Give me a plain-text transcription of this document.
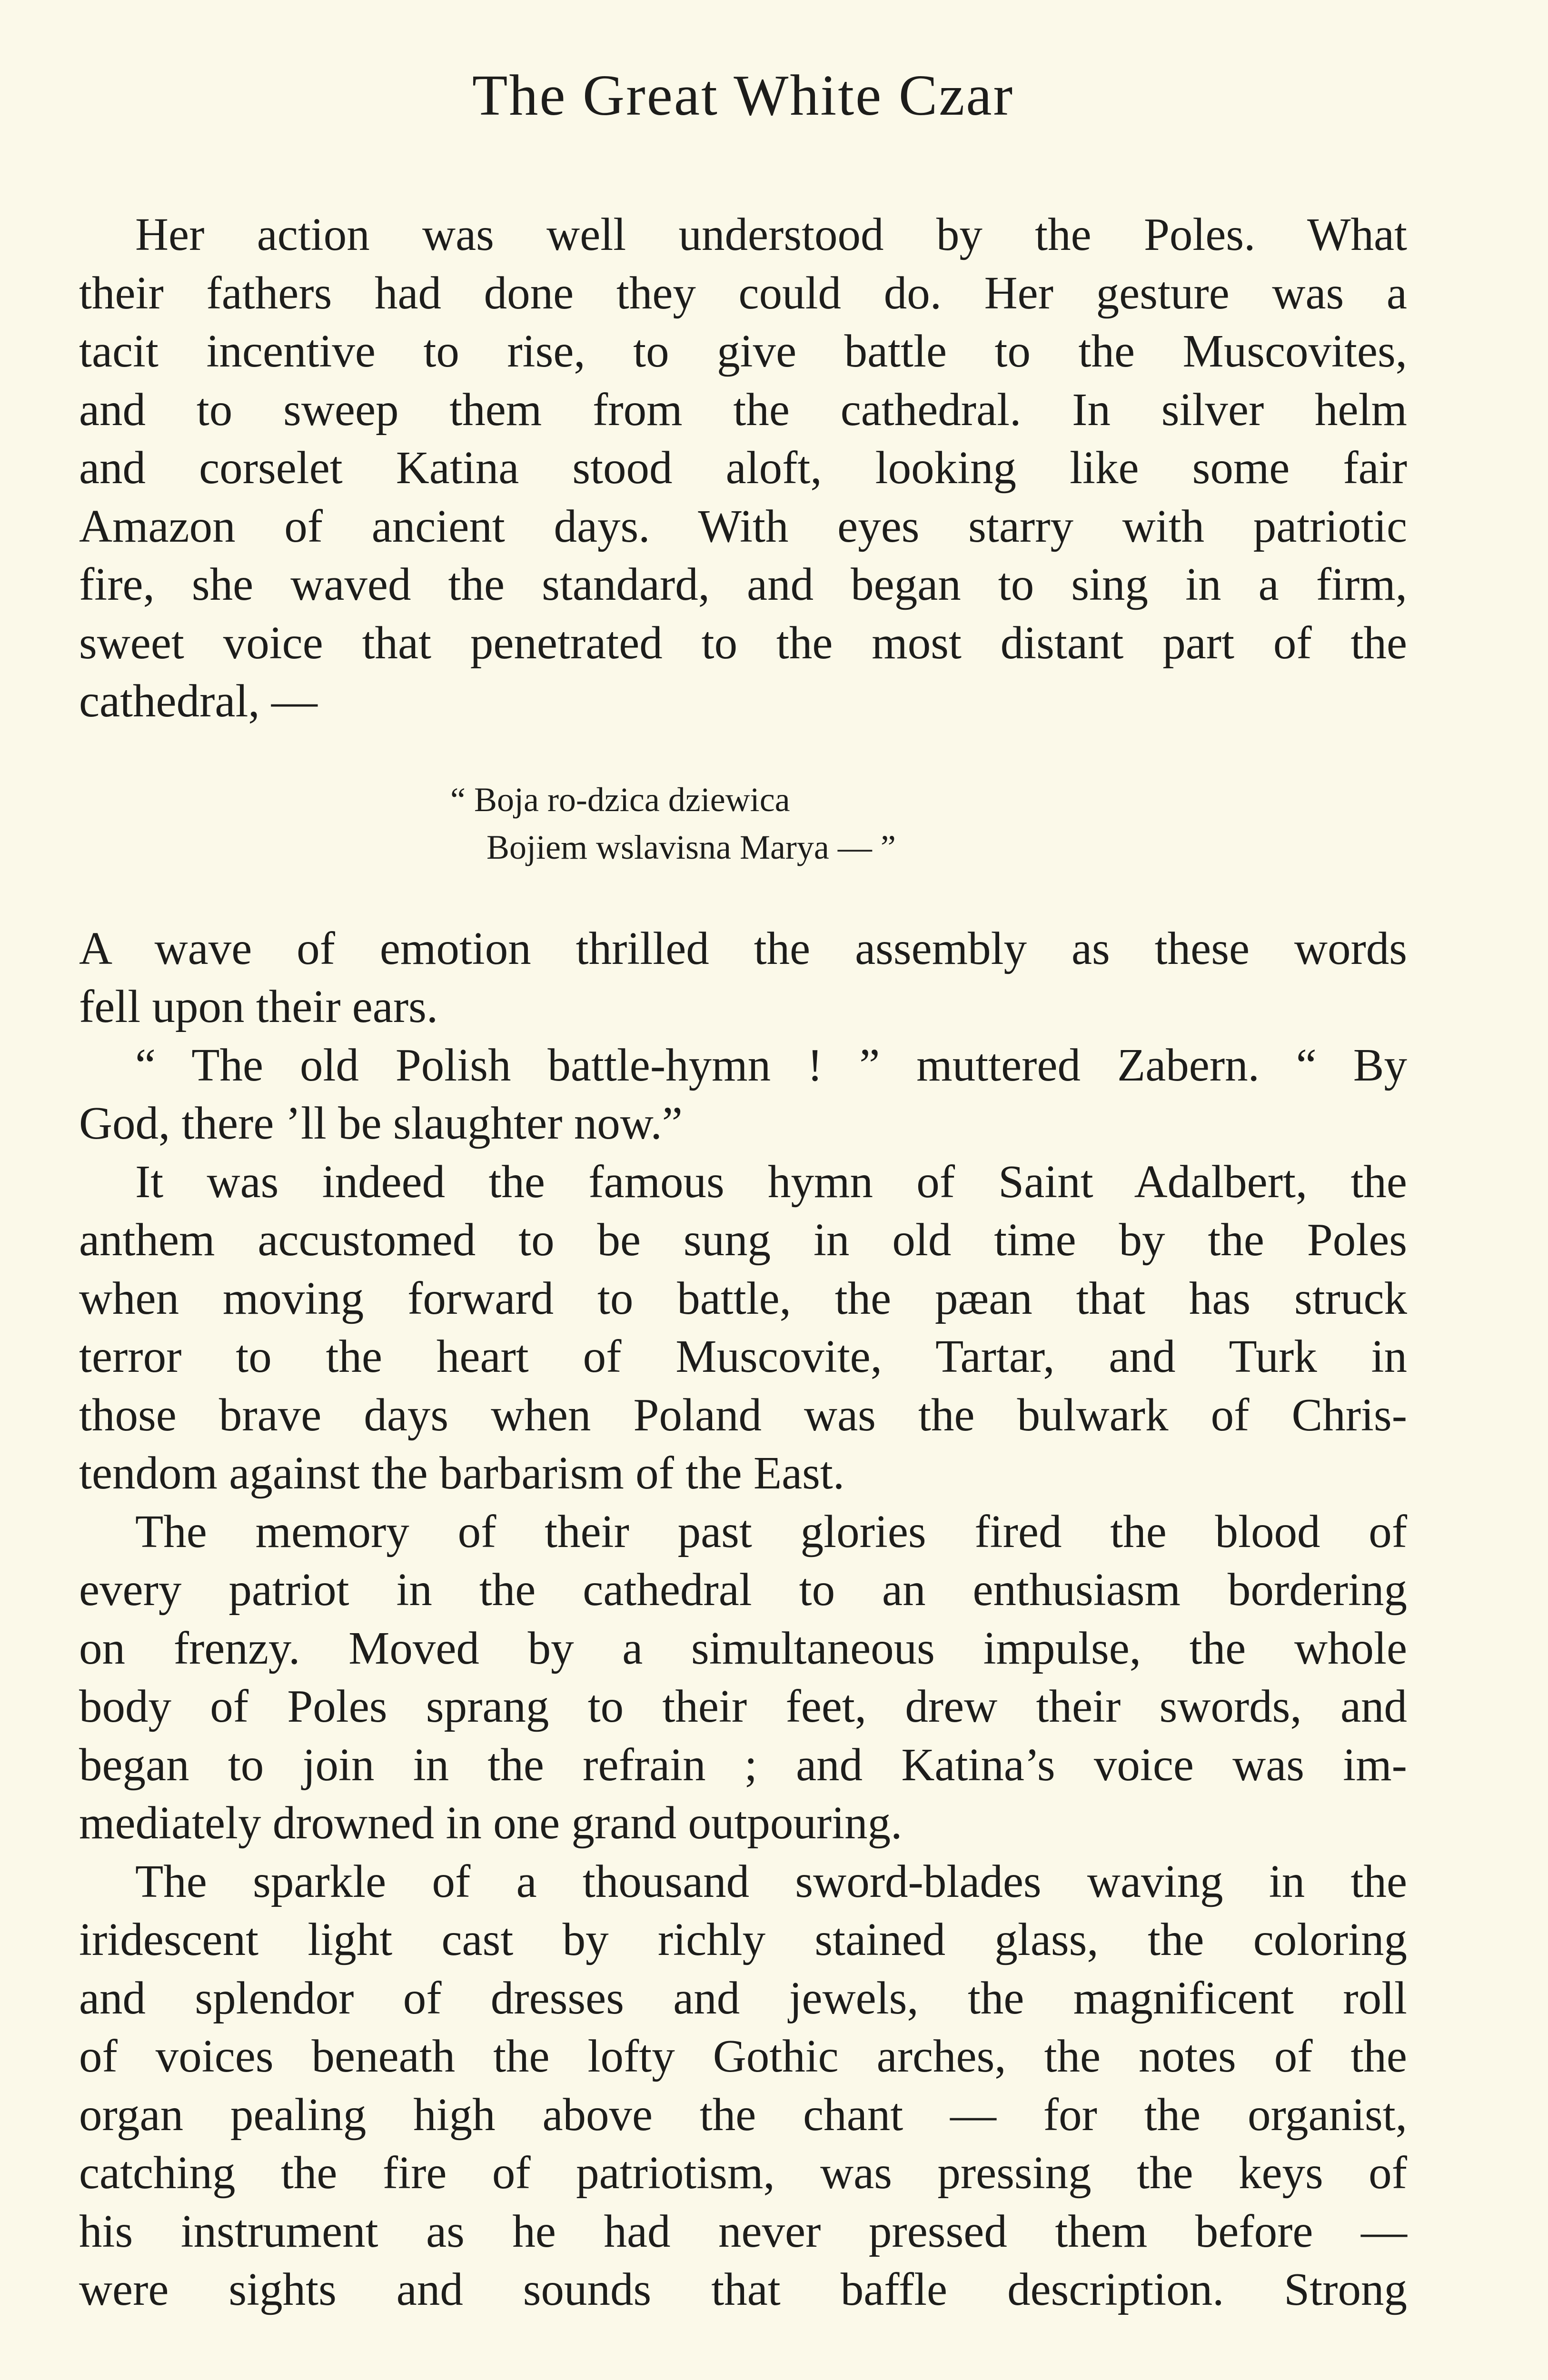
The Great White Czar

Her action was well understood by the Poles. What
their fathers had done they could do. Her gesture was a
tacit incentive to rise, to give battle to the Muscovites,
and to sweep them from the cathedral. In silver helm
and corselet Katina stood aloft, looking like some fair
Amazon of ancient days. With eyes starry with patriotic
fire, she waved the standard, and began to sing in a firm,
sweet voice that penetrated to the most distant part of the
cathedral, —

“ Boja ro-dzica dziewica
Bojiem wslavisna Marya — ”

A wave of emotion thrilled the assembly as these words
fell upon their ears.

“ The old Polish battle-hymn ! ” muttered Zabern. “ By
God, there ’ll be slaughter now.”

It was indeed the famous hymn of Saint Adalbert, the
anthem accustomed to be sung in old time by the Poles
when moving forward to battle, the pæan that has struck
terror to the heart of Muscovite, Tartar, and Turk in
those brave days when Poland was the bulwark of Chris-
tendom against the barbarism of the East.

The memory of their past glories fired the blood of
every patriot in the cathedral to an enthusiasm bordering
on frenzy. Moved by a simultaneous impulse, the whole
body of Poles sprang to their feet, drew their swords, and
began to join in the refrain ; and Katina’s voice was im-
mediately drowned in one grand outpouring.

The sparkle of a thousand sword-blades waving in the
iridescent light cast by richly stained glass, the coloring
and splendor of dresses and jewels, the magnificent roll
of voices beneath the lofty Gothic arches, the notes of the
organ pealing high above the chant — for the organist,
catching the fire of patriotism, was pressing the keys of
his instrument as he had never pressed them before —
were sights and sounds that baffle description. Strong
